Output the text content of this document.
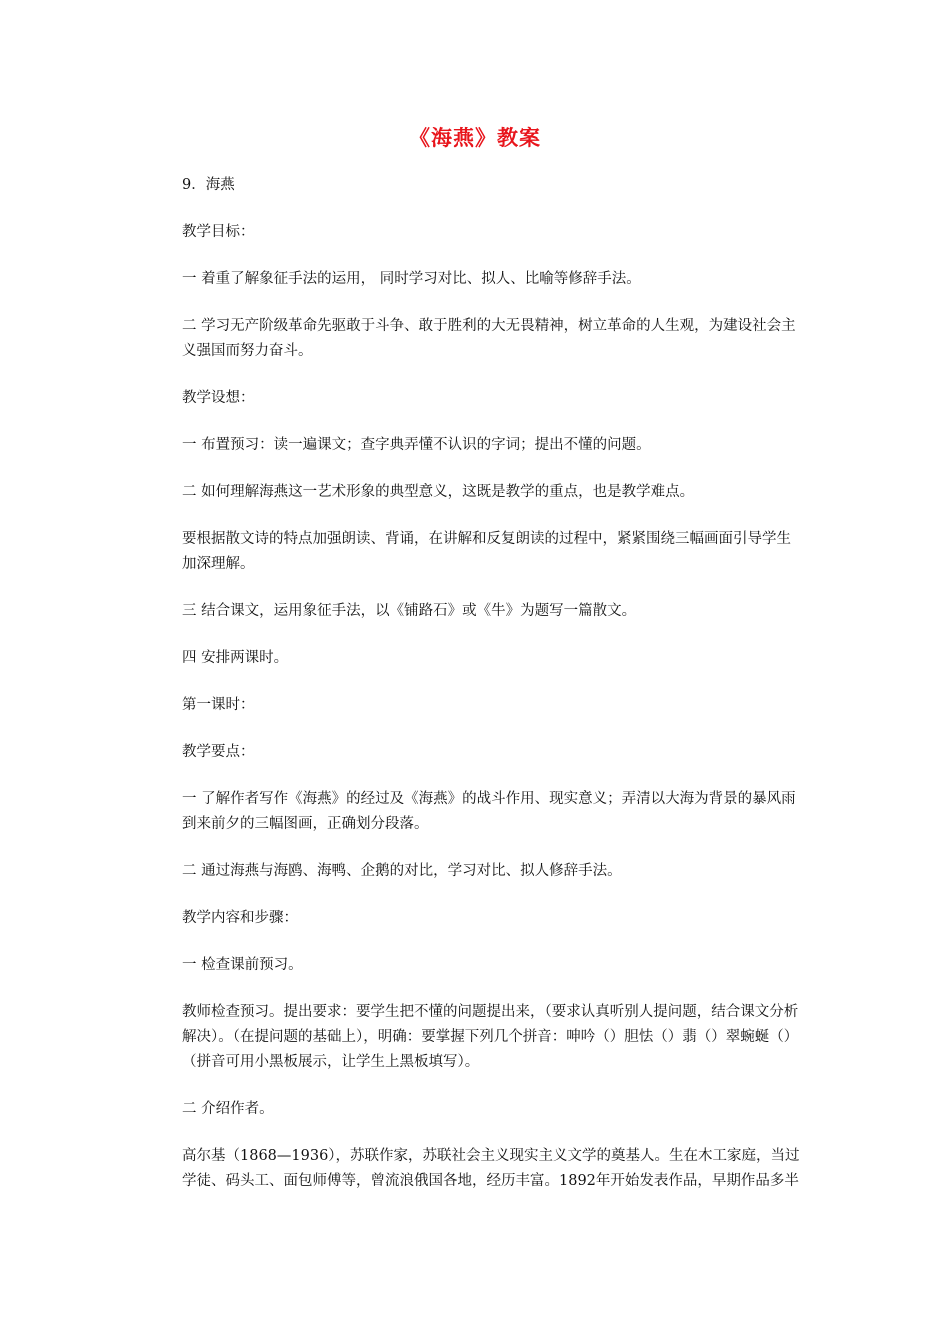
《海燕》教案

9．海燕

教学目标：

一 着重了解象征手法的运用， 同时学习对比、拟人、比喻等修辞手法。

二 学习无产阶级革命先驱敢于斗争、敢于胜利的大无畏精神，树立革命的人生观，为建设社会主义强国而努力奋斗。

教学设想：

一 布置预习：读一遍课文；查字典弄懂不认识的字词；提出不懂的问题。

二 如何理解海燕这一艺术形象的典型意义，这既是教学的重点，也是教学难点。

要根据散文诗的特点加强朗读、背诵，在讲解和反复朗读的过程中，紧紧围绕三幅画面引导学生加深理解。

三 结合课文，运用象征手法，以《铺路石》或《牛》为题写一篇散文。

四 安排两课时。

第一课时：

教学要点：

一 了解作者写作《海燕》的经过及《海燕》的战斗作用、现实意义；弄清以大海为背景的暴风雨到来前夕的三幅图画，正确划分段落。

二 通过海燕与海鸥、海鸭、企鹅的对比，学习对比、拟人修辞手法。

教学内容和步骤：

一 检查课前预习。

教师检查预习。提出要求：要学生把不懂的问题提出来，（要求认真听别人提问题，结合课文分析解决）。（在提问题的基础上），明确：要掌握下列几个拼音：呻吟（）胆怯（）翡（）翠蜿蜒（）（拼音可用小黑板展示，让学生上黑板填写）。

二 介绍作者。

高尔基（1868—1936），苏联作家，苏联社会主义现实主义文学的奠基人。生在木工家庭，当过学徒、码头工、面包师傅等，曾流浪俄国各地，经历丰富。1892年开始发表作品，早期作品多半
